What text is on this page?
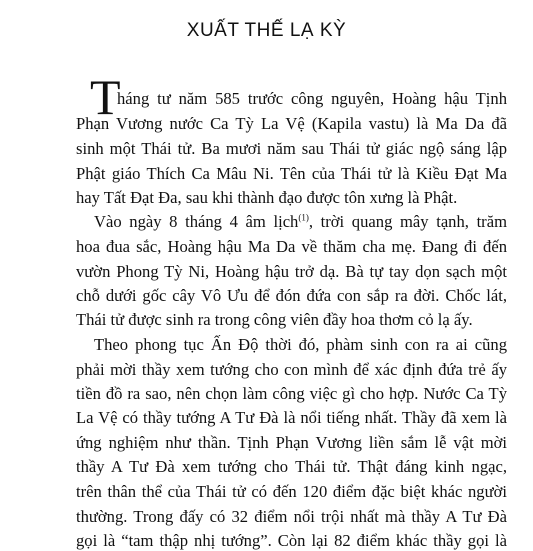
XUẤT THẾ LẠ KỲ
T
háng tư năm 585 trước công nguyên, Hoàng hậu Tịnh
Phạn Vương nước Ca Tỳ La Vệ (Kapila vastu) là Ma Da đã
sinh một Thái tử. Ba mươi năm sau Thái tử giác ngộ sáng lập
Phật giáo Thích Ca Mâu Ni. Tên của Thái tử là Kiều Đạt Ma
hay Tất Đạt Đa, sau khi thành đạo được tôn xưng là Phật.
Vào ngày 8 tháng 4 âm lịch$^{(1)}$, trời quang mây tạnh, trăm
hoa đua sắc, Hoàng hậu Ma Da về thăm cha mẹ. Đang đi đến
vườn Phong Tỳ Ni, Hoàng hậu trở dạ. Bà tự tay dọn sạch một
chỗ dưới gốc cây Vô Ưu để đón đứa con sắp ra đời. Chốc lát,
Thái tử được sinh ra trong công viên đầy hoa thơm cỏ lạ ấy.
Theo phong tục Ấn Độ thời đó, phàm sinh con ra ai cũng
phải mời thầy xem tướng cho con mình để xác định đứa trẻ ấy
tiền đồ ra sao, nên chọn làm công việc gì cho hợp. Nước Ca Tỳ
La Vệ có thầy tướng A Tư Đà là nổi tiếng nhất. Thầy đã xem là
ứng nghiệm như thần. Tịnh Phạn Vương liền sắm lễ vật mời
thầy A Tư Đà xem tướng cho Thái tử. Thật đáng kinh ngạc,
trên thân thể của Thái tử có đến 120 điểm đặc biệt khác người
thường. Trong đấy có 32 điểm nổi trội nhất mà thầy A Tư Đà
gọi là “tam thập nhị tướng”. Còn lại 82 điểm khác thầy gọi là
